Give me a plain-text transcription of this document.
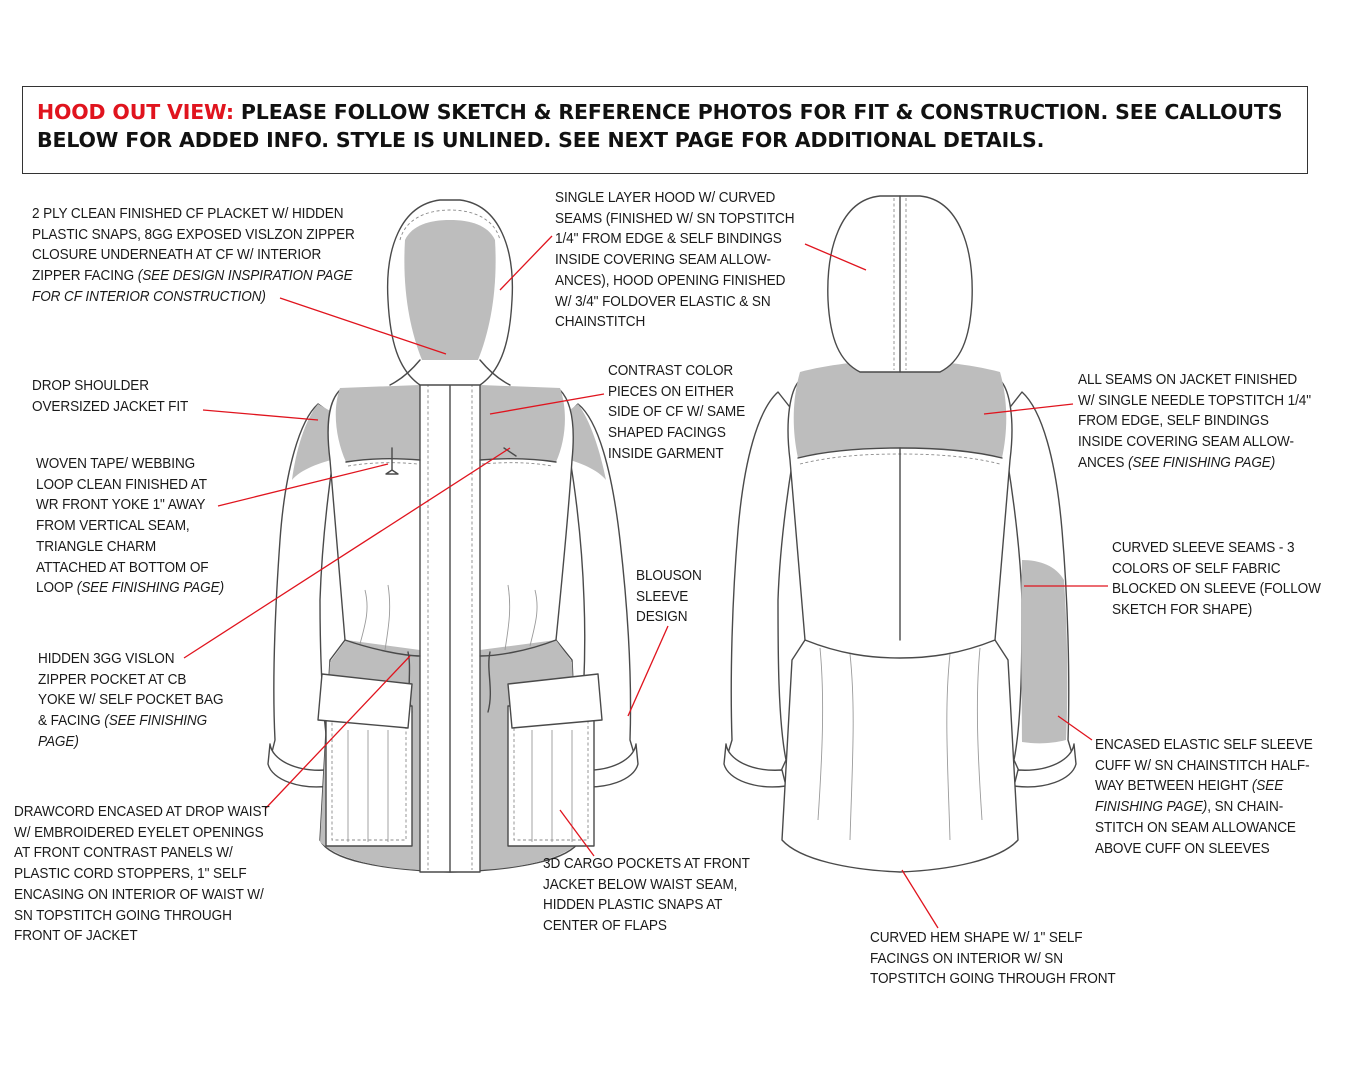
HOOD OUT VIEW: PLEASE FOLLOW SKETCH & REFERENCE PHOTOS FOR FIT & CONSTRUCTION. SEE CALLOUTS BELOW FOR ADDED INFO. STYLE IS UNLINED. SEE NEXT PAGE FOR ADDITIONAL DETAILS.
2 PLY CLEAN FINISHED CF PLACKET W/ HIDDEN
PLASTIC SNAPS, 8GG EXPOSED VISLZON ZIPPER
CLOSURE UNDERNEATH AT CF W/ INTERIOR
ZIPPER FACING (SEE DESIGN INSPIRATION PAGE
FOR CF INTERIOR CONSTRUCTION)
SINGLE LAYER HOOD W/ CURVED
SEAMS (FINISHED W/ SN TOPSTITCH
1/4" FROM EDGE & SELF BINDINGS
INSIDE COVERING SEAM ALLOW-
ANCES), HOOD OPENING FINISHED
W/ 3/4" FOLDOVER ELASTIC & SN
CHAINSTITCH
DROP SHOULDER
OVERSIZED JACKET FIT
CONTRAST COLOR
PIECES ON EITHER
SIDE OF CF W/ SAME
SHAPED FACINGS
INSIDE GARMENT
ALL SEAMS ON JACKET FINISHED
W/ SINGLE NEEDLE TOPSTITCH 1/4"
FROM EDGE, SELF BINDINGS
INSIDE COVERING SEAM ALLOW-
ANCES (SEE FINISHING PAGE)
WOVEN TAPE/ WEBBING
LOOP CLEAN FINISHED AT
WR FRONT YOKE 1" AWAY
FROM VERTICAL SEAM,
TRIANGLE CHARM
ATTACHED AT BOTTOM OF
LOOP (SEE FINISHING PAGE)
BLOUSON
SLEEVE
DESIGN
CURVED SLEEVE SEAMS - 3
COLORS OF SELF FABRIC
BLOCKED ON SLEEVE (FOLLOW
SKETCH FOR SHAPE)
HIDDEN 3GG VISLON
ZIPPER POCKET AT CB
YOKE W/ SELF POCKET BAG
& FACING (SEE FINISHING
PAGE)	ENCASED ELASTIC SELF SLEEVE
CUFF W/ SN CHAINSTITCH HALF-
WAY BETWEEN HEIGHT (SEE
FINISHING PAGE), SN CHAIN-
STITCH ON SEAM ALLOWANCE
ABOVE CUFF ON SLEEVES
DRAWCORD ENCASED AT DROP WAIST
W/ EMBROIDERED EYELET OPENINGS
AT FRONT CONTRAST PANELS W/
PLASTIC CORD STOPPERS, 1" SELF
ENCASING ON INTERIOR OF WAIST W/
SN TOPSTITCH GOING THROUGH
FRONT OF JACKET
3D CARGO POCKETS AT FRONT
JACKET BELOW WAIST SEAM,
HIDDEN PLASTIC SNAPS AT
CENTER OF FLAPS
CURVED HEM SHAPE W/ 1" SELF
FACINGS ON INTERIOR W/ SN
TOPSTITCH GOING THROUGH FRONT
